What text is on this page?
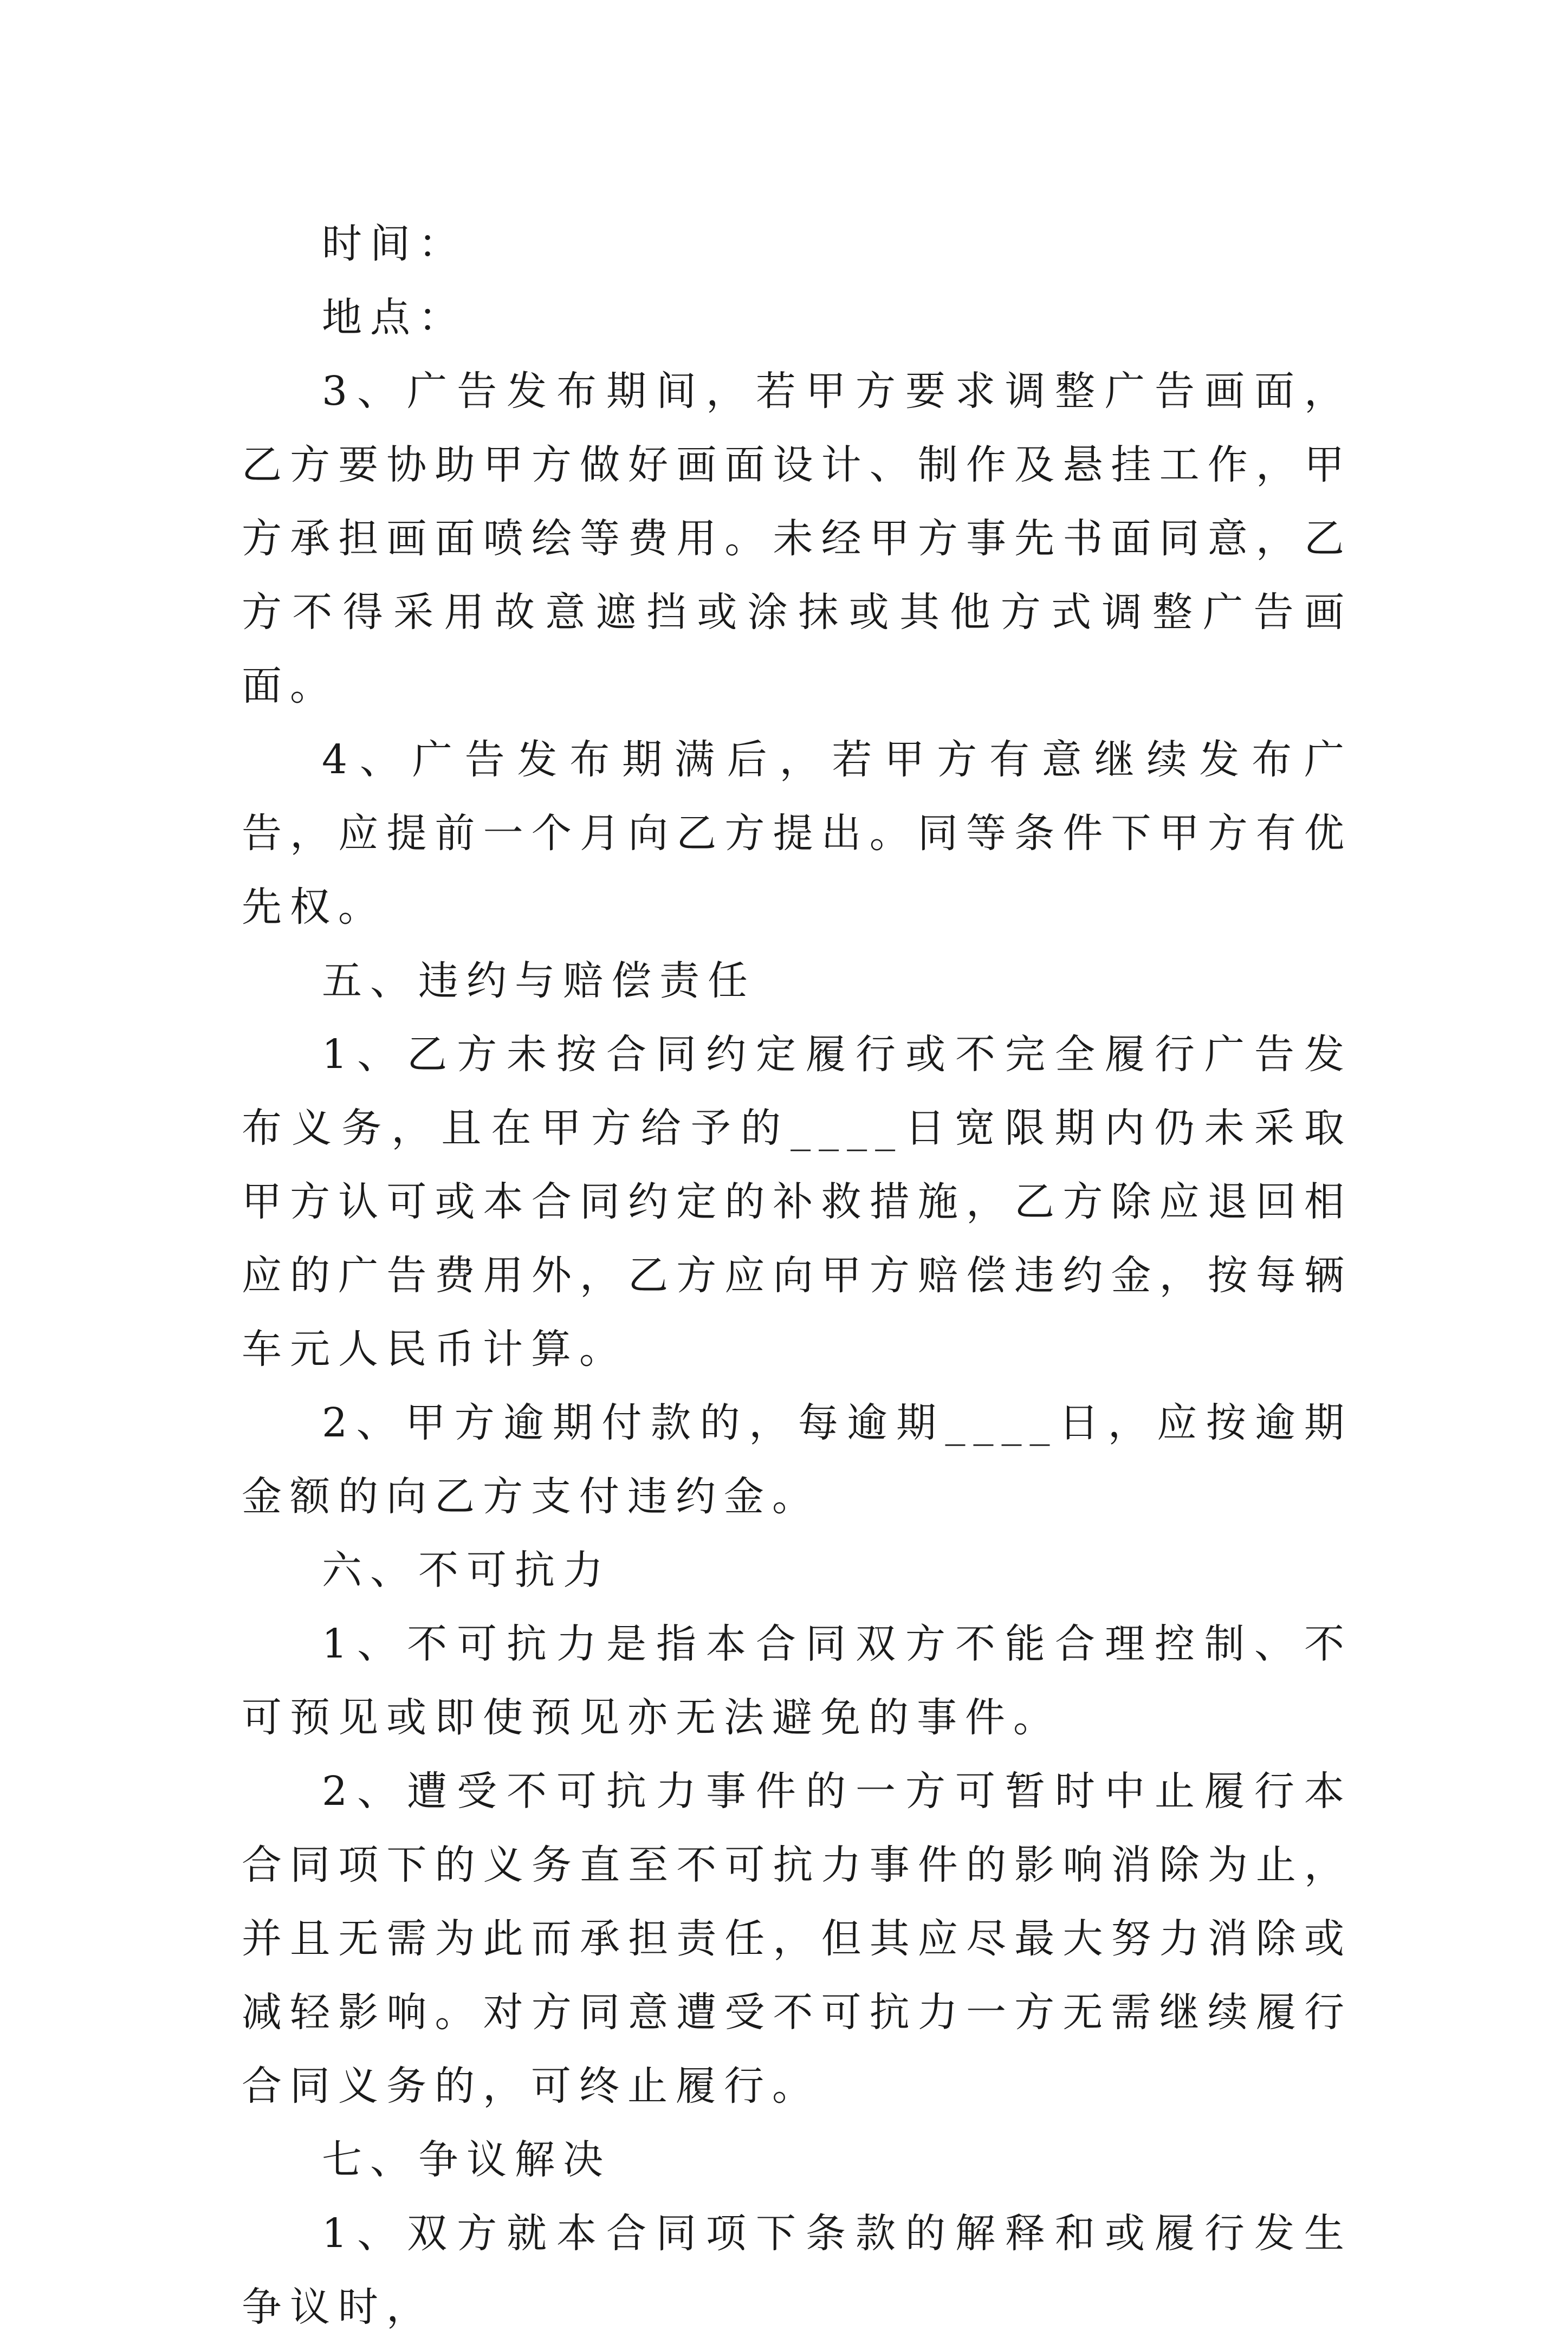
时间：

地点：

3、广告发布期间，若甲方要求调整广告画面，乙方要协助甲方做好画面设计、制作及悬挂工作，甲方承担画面喷绘等费用。未经甲方事先书面同意，乙方不得采用故意遮挡或涂抹或其他方式调整广告画面。

4、广告发布期满后，若甲方有意继续发布广告，应提前一个月向乙方提出。同等条件下甲方有优先权。

五、违约与赔偿责任

1、乙方未按合同约定履行或不完全履行广告发布义务，且在甲方给予的____日宽限期内仍未采取甲方认可或本合同约定的补救措施，乙方除应退回相应的广告费用外，乙方应向甲方赔偿违约金，按每辆车元人民币计算。

2、甲方逾期付款的，每逾期____日，应按逾期金额的向乙方支付违约金。

六、不可抗力

1、不可抗力是指本合同双方不能合理控制、不可预见或即使预见亦无法避免的事件。

2、遭受不可抗力事件的一方可暂时中止履行本合同项下的义务直至不可抗力事件的影响消除为止，并且无需为此而承担责任，但其应尽最大努力消除或减轻影响。对方同意遭受不可抗力一方无需继续履行合同义务的，可终止履行。

七、争议解决

1、双方就本合同项下条款的解释和或履行发生争议时，
